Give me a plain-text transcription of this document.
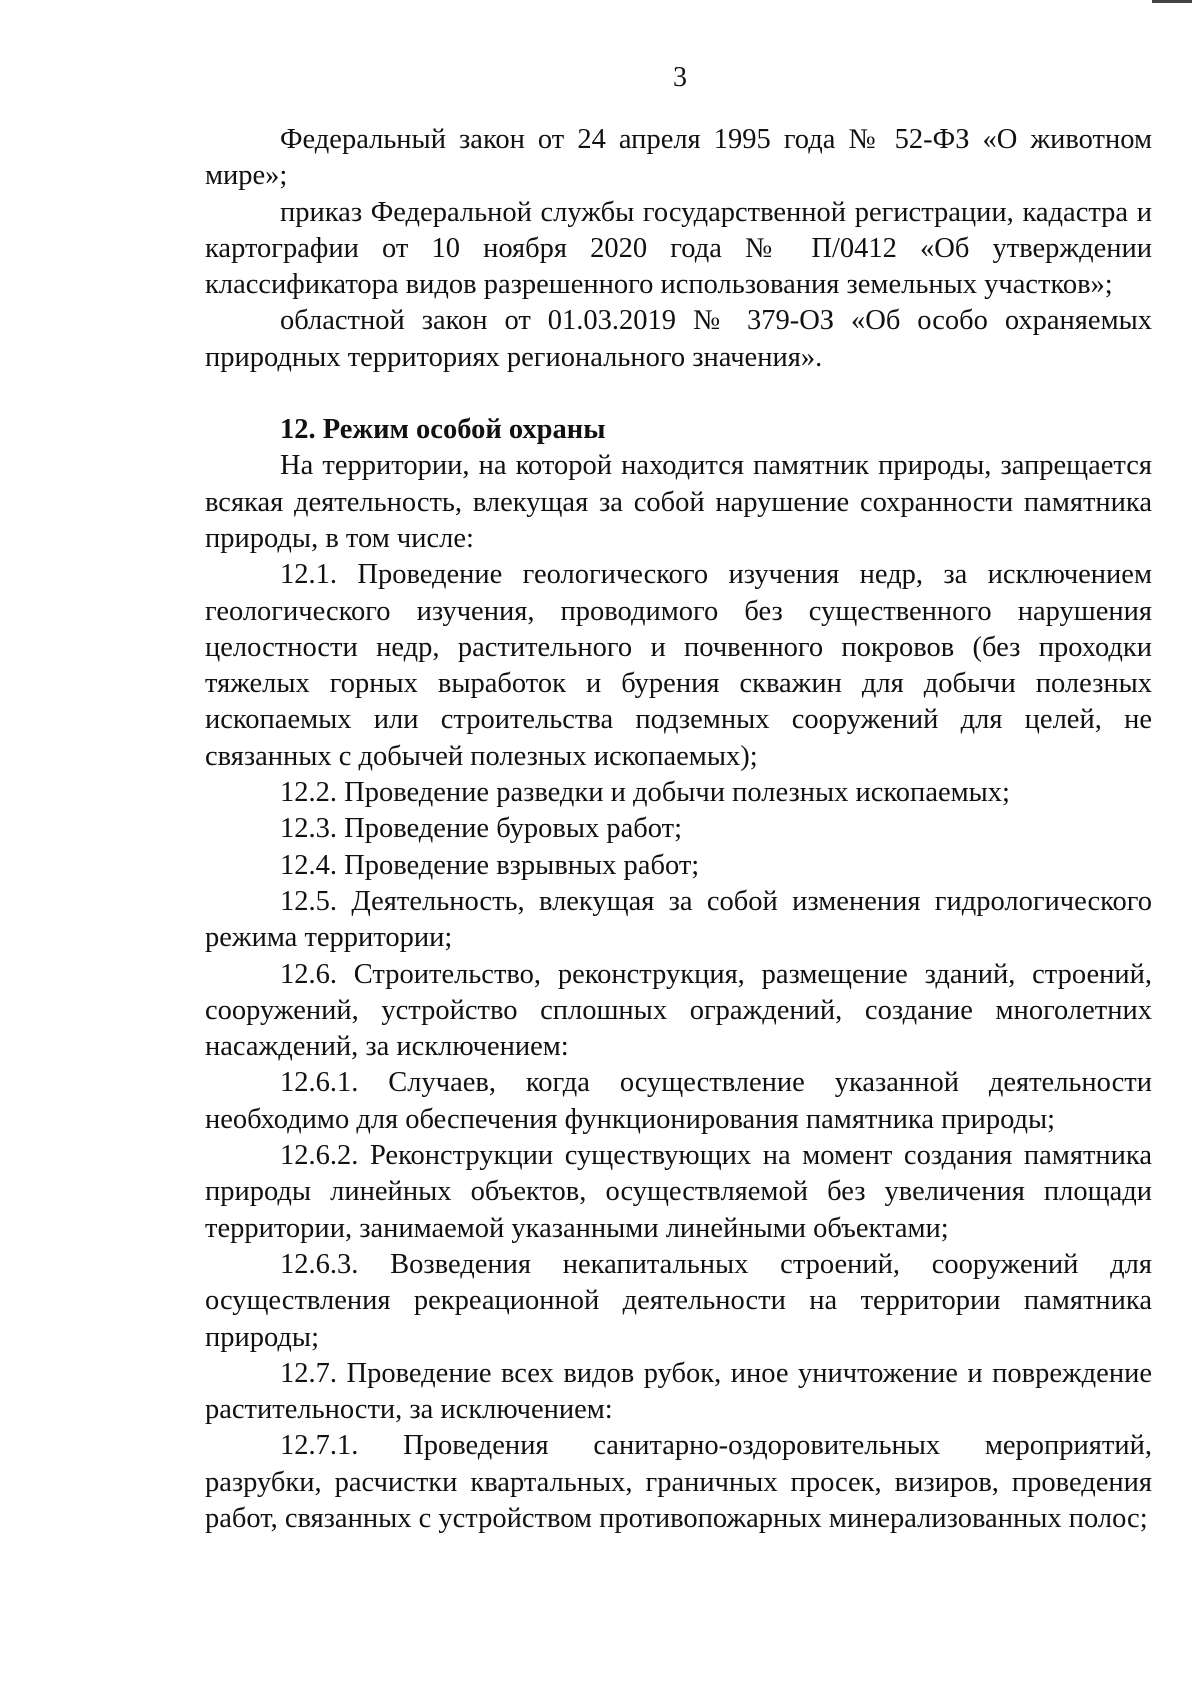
3

Федеральный закон от 24 апреля 1995 года № 52-ФЗ «О животном мире»;

приказ Федеральной службы государственной регистрации, кадастра и картографии от 10 ноября 2020 года № П/0412 «Об утверждении классификатора видов разрешенного использования земельных участков»;

областной закон от 01.03.2019 № 379-ОЗ «Об особо охраняемых природных территориях регионального значения».

12. Режим особой охраны

На территории, на которой находится памятник природы, запрещается всякая деятельность, влекущая за собой нарушение сохранности памятника природы, в том числе:

12.1. Проведение геологического изучения недр, за исключением геологического изучения, проводимого без существенного нарушения целостности недр, растительного и почвенного покровов (без проходки тяжелых горных выработок и бурения скважин для добычи полезных ископаемых или строительства подземных сооружений для целей, не связанных с добычей полезных ископаемых);

12.2. Проведение разведки и добычи полезных ископаемых;

12.3. Проведение буровых работ;

12.4. Проведение взрывных работ;

12.5. Деятельность, влекущая за собой изменения гидрологического режима территории;

12.6. Строительство, реконструкция, размещение зданий, строений, сооружений, устройство сплошных ограждений, создание многолетних насаждений, за исключением:

12.6.1. Случаев, когда осуществление указанной деятельности необходимо для обеспечения функционирования памятника природы;

12.6.2. Реконструкции существующих на момент создания памятника природы линейных объектов, осуществляемой без увеличения площади территории, занимаемой указанными линейными объектами;

12.6.3. Возведения некапитальных строений, сооружений для осуществления рекреационной деятельности на территории памятника природы;

12.7. Проведение всех видов рубок, иное уничтожение и повреждение растительности, за исключением:

12.7.1. Проведения санитарно-оздоровительных мероприятий, разрубки, расчистки квартальных, граничных просек, визиров, проведения работ, связанных с устройством противопожарных минерализованных полос;
